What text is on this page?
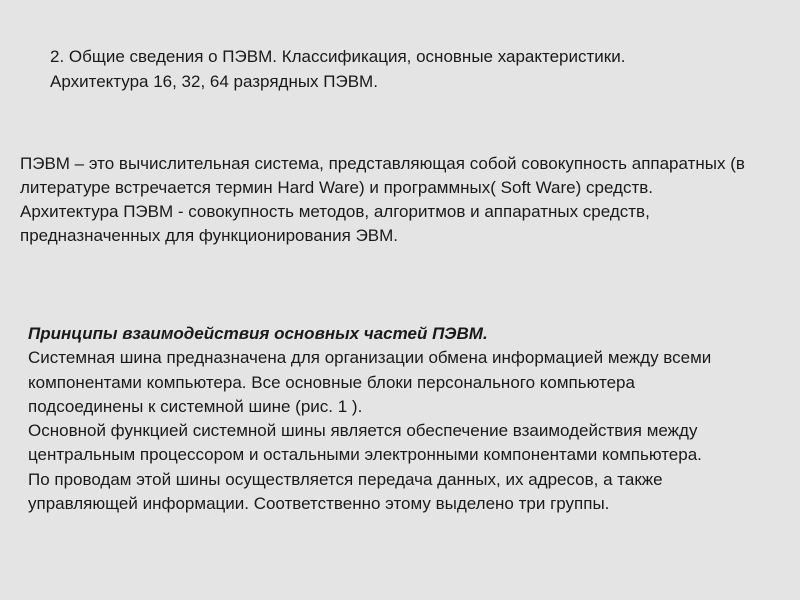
2. Общие сведения о ПЭВМ. Классификация, основные характеристики.

Архитектура 16, 32, 64 разрядных ПЭВМ.

ПЭВМ – это вычислительная система, представляющая собой совокупность аппаратных (в литературе встречается термин Hard Ware) и программных( Soft Ware) средств.

Архитектура ПЭВМ - совокупность методов, алгоритмов и аппаратных средств, предназначенных для функционирования ЭВМ.

Принципы взаимодействия основных частей ПЭВМ.

Системная шина предназначена для организации обмена информацией между всеми компонентами компьютера. Все основные блоки персонального компьютера подсоединены к системной шине (рис. 1 ).

Основной функцией системной шины является обеспечение взаимодействия между центральным процессором и остальными электронными компонентами компьютера. По проводам этой шины осуществляется передача данных, их адресов, а также управляющей информации. Соответственно этому выделено три группы.
